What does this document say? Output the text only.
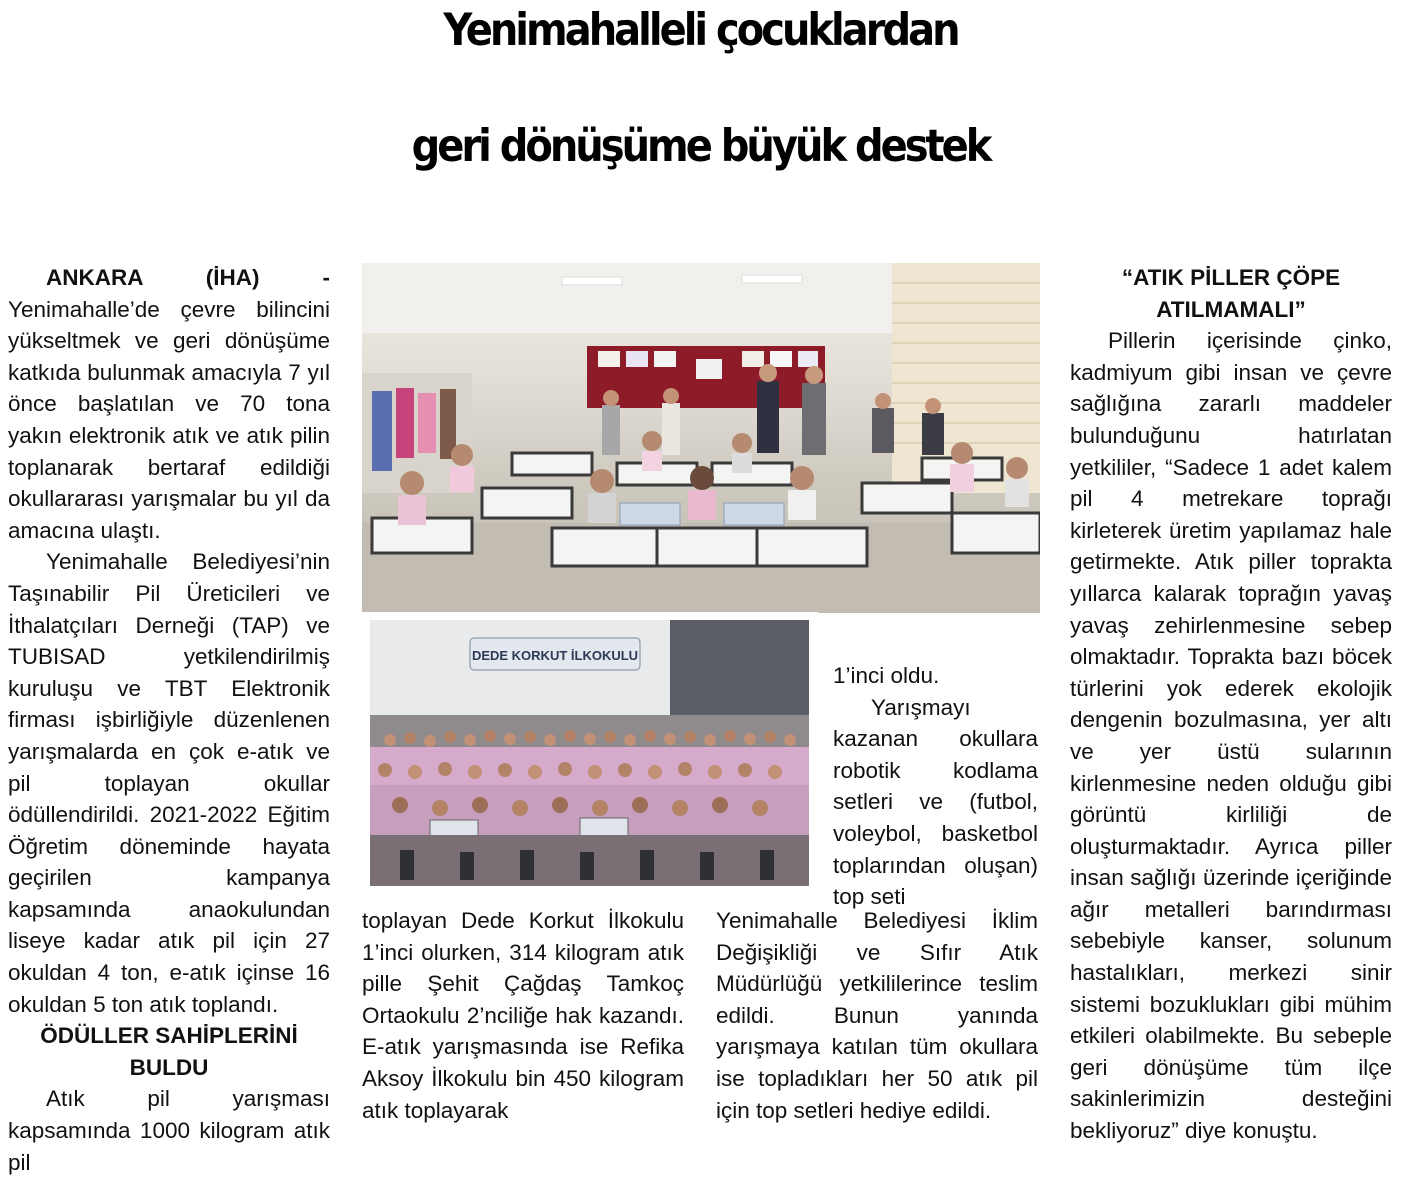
Yenimahalleli çocuklardan
geri dönüşüme büyük destek

ANKARA (İHA) - Yenimahalle’de çevre bilincini yükseltmek ve geri dönüşüme katkıda bulunmak amacıyla 7 yıl önce başlatılan ve 70 tona yakın elektronik atık ve atık pilin toplanarak bertaraf edildiği okullararası yarışmalar bu yıl da amacına ulaştı.

Yenimahalle Belediyesi’nin Taşınabilir Pil Üreticileri ve İthalatçıları Derneği (TAP) ve TUBISAD yetkilendirilmiş kuruluşu ve TBT Elektronik firması işbirliğiyle düzenlenen yarışmalarda en çok e-atık ve pil toplayan okullar ödüllendirildi. 2021-2022 Eğitim Öğretim döneminde hayata geçirilen kampanya kapsamında anaokulundan liseye kadar atık pil için 27 okuldan 4 ton, e-atık içinse 16 okuldan 5 ton atık toplandı.

ÖDÜLLER SAHİPLERİNİ BULDU

Atık pil yarışması kapsamında 1000 kilogram atık pil

DEDE KORKUT İLKOKULU

toplayan Dede Korkut İlkokulu 1’inci olurken, 314 kilogram atık pille Şehit Çağdaş Tamkoç Ortaokulu 2’nciliğe hak kazandı. E-atık yarışmasında ise Refika Aksoy İlkokulu bin 450 kilogram atık toplayarak

1’inci oldu.

Yarışmayı kazanan okullara robotik kodlama setleri ve (futbol, voleybol, basketbol toplarından oluşan) top seti

Yenimahalle Belediyesi İklim Değişikliği ve Sıfır Atık Müdürlüğü yetkililerince teslim edildi. Bunun yanında yarışmaya katılan tüm okullara ise topladıkları her 50 atık pil için top setleri hediye edildi.

“ATIK PİLLER ÇÖPE ATILMAMALI”

Pillerin içerisinde çinko, kadmiyum gibi insan ve çevre sağlığına zararlı maddeler bulunduğunu hatırlatan yetkililer, “Sadece 1 adet kalem pil 4 metrekare toprağı kirleterek üretim yapılamaz hale getirmekte. Atık piller toprakta yıllarca kalarak toprağın yavaş yavaş zehirlenmesine sebep olmaktadır. Toprakta bazı böcek türlerini yok ederek ekolojik dengenin bozulmasına, yer altı ve yer üstü sularının kirlenmesine neden olduğu gibi görüntü kirliliği de oluşturmaktadır. Ayrıca piller insan sağlığı üzerinde içeriğinde ağır metalleri barındırması sebebiyle kanser, solunum hastalıkları, merkezi sinir sistemi bozuklukları gibi mühim etkileri olabilmekte. Bu sebeple geri dönüşüme tüm ilçe sakinlerimizin desteğini bekliyoruz” diye konuştu.
